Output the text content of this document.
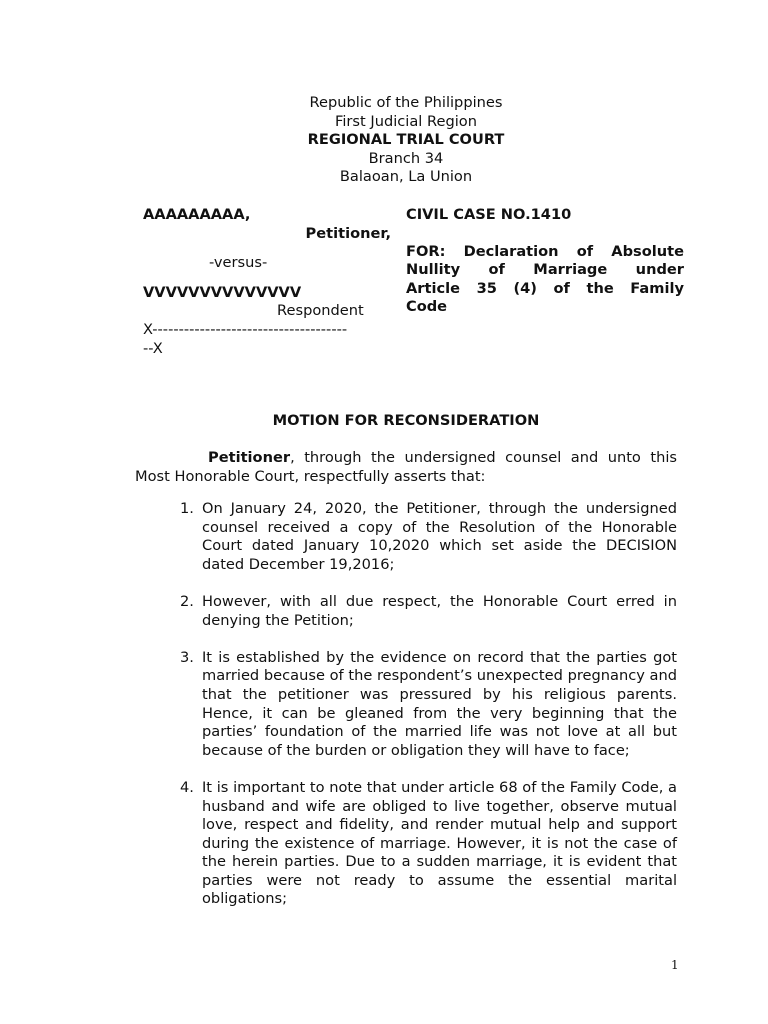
Republic of the Philippines
First Judicial Region
REGIONAL TRIAL COURT
Branch 34
Balaoan, La Union
AAAAAAAAA,
Petitioner,
-versus-
VVVVVVVVVVVVVV
Respondent
X-------------------------------------
--X
CIVIL CASE NO.1410
FOR: Declaration of Absolute
Nullity of Marriage under
Article 35 (4) of the Family
Code
MOTION FOR RECONSIDERATION
Petitioner, through the undersigned counsel and unto this Most Honorable Court, respectfully asserts that:
1. On January 24, 2020, the Petitioner, through the undersigned counsel received a copy of the Resolution of the Honorable Court dated January 10,2020 which set aside the DECISION dated December 19,2016;
2. However, with all due respect, the Honorable Court erred in denying the Petition;
3. It is established by the evidence on record that the parties got married because of the respondent’s unexpected pregnancy and that the petitioner was pressured by his religious parents. Hence, it can be gleaned from the very beginning that the parties’ foundation of the married life was not love at all but because of the burden or obligation they will have to face;
4. It is important to note that under article 68 of the Family Code, a husband and wife are obliged to live together, observe mutual love, respect and fidelity, and render mutual help and support during the existence of marriage. However, it is not the case of the herein parties. Due to a sudden marriage, it is evident that parties were not ready to assume the essential marital obligations;
1
